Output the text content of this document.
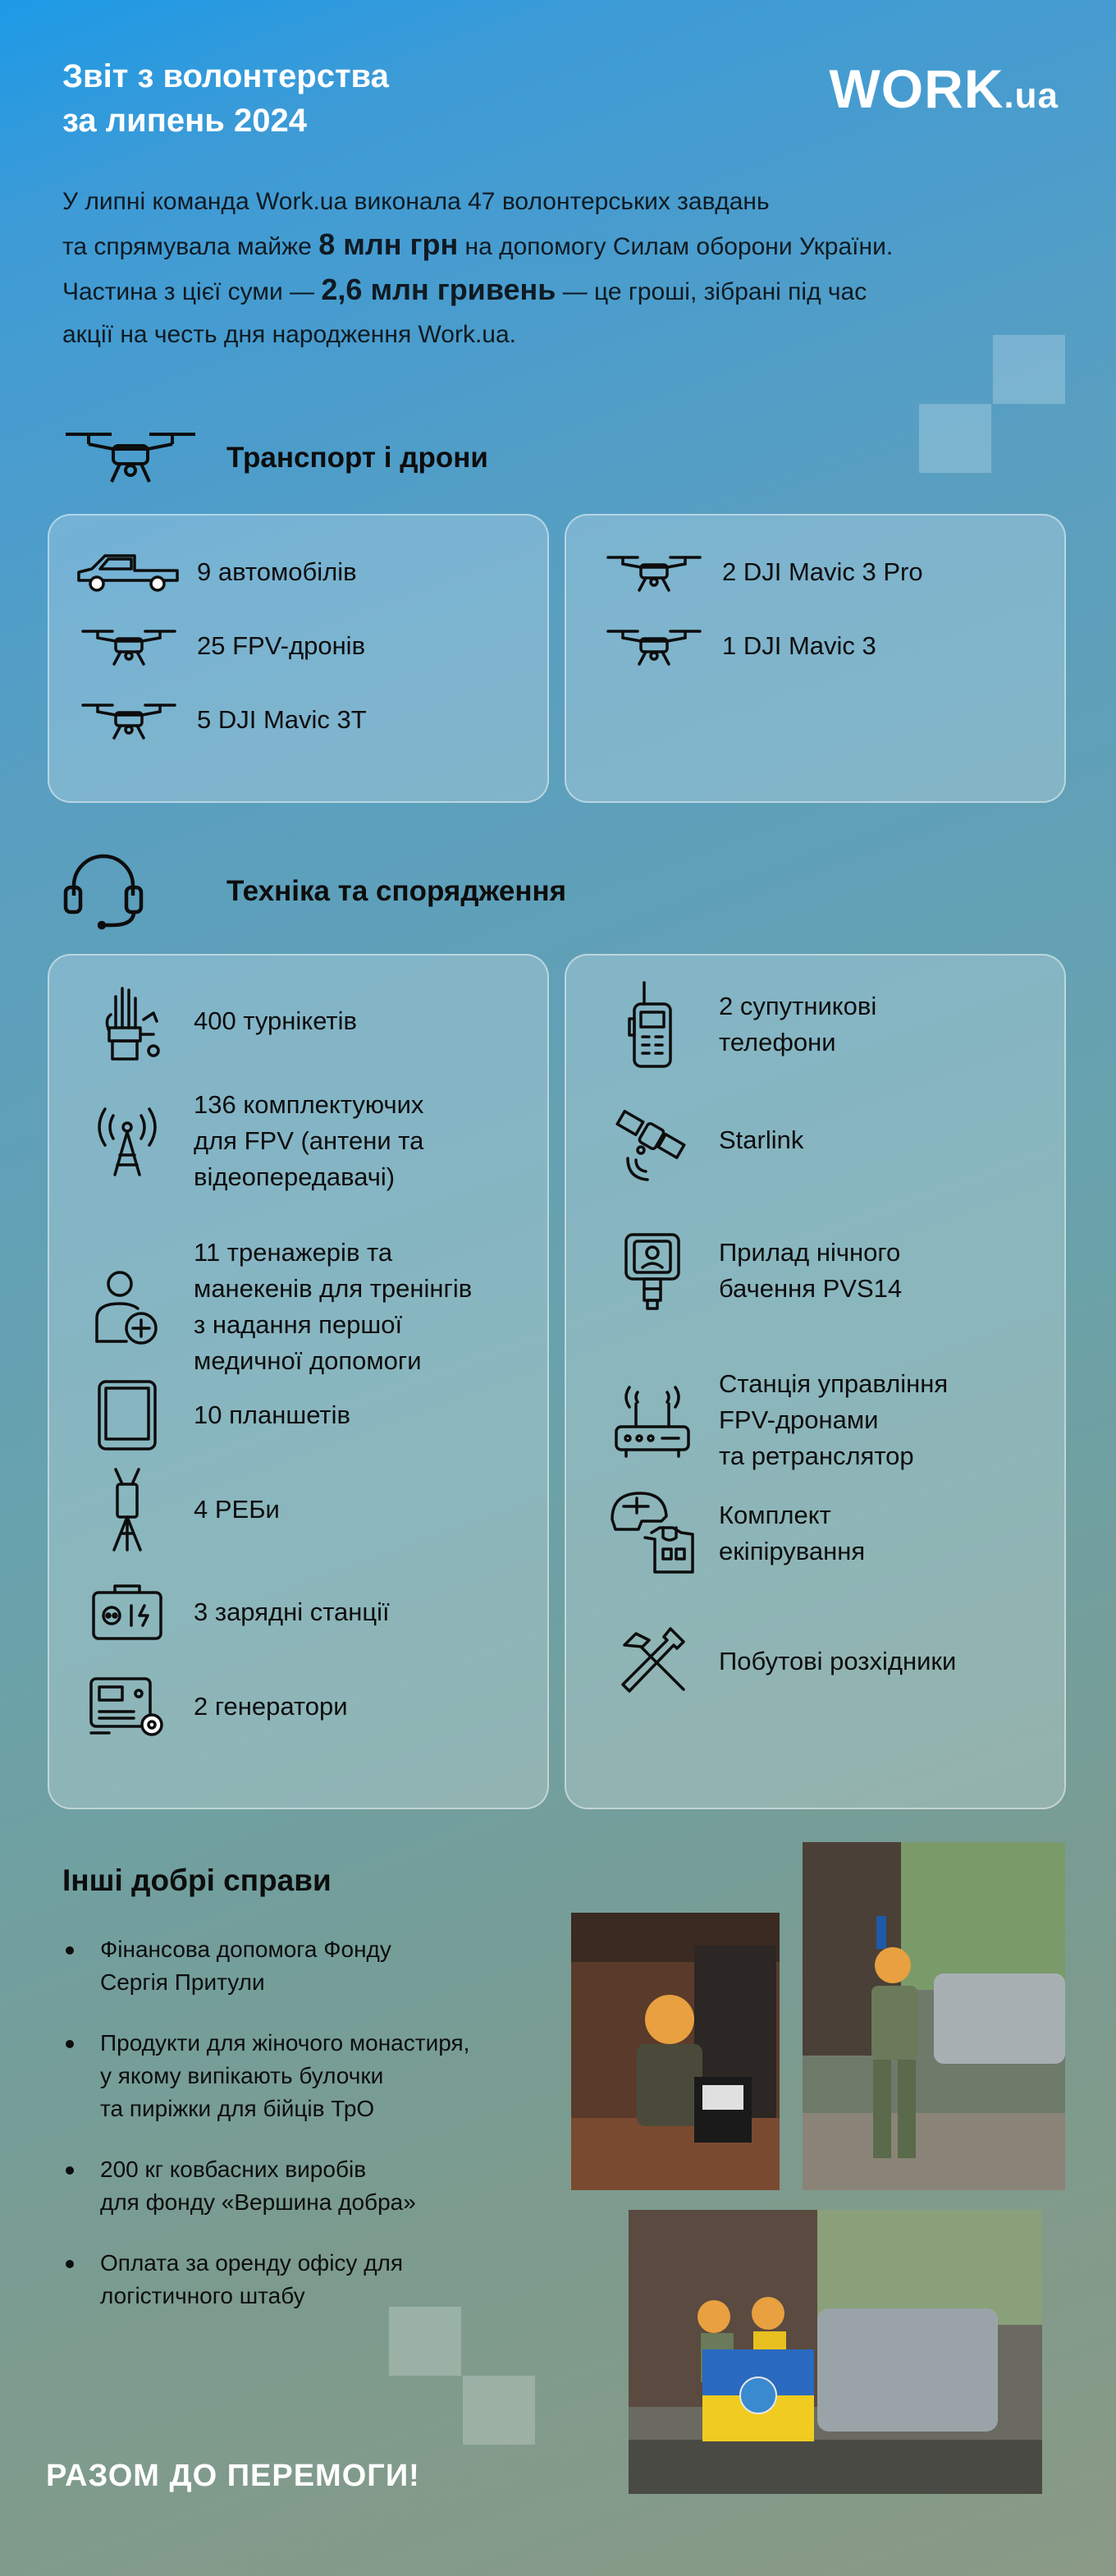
Звіт з волонтерства
за липень 2024
WORK .ua
У липні команда Work.ua виконала 47 волонтерських завдань
та спрямувала майже 8 млн грн на допомогу Силам оборони України.
Частина з цієї суми — 2,6 млн гривень — це гроші, зібрані під час
акції на честь дня народження Work.ua.
Транспорт і дрони
Техніка та спорядження
Інші добрі справи
Фінансова допомога Фонду
Сергія Притули
Продукти для жіночого монастиря,
у якому випікають булочки
та пиріжки для бійців ТрО
200 кг ковбасних виробів
для фонду «Вершина добра»
Оплата за оренду офісу для
логістичного штабу
РАЗОМ ДО ПЕРЕМОГИ!
9 автомобілів
25 FPV-дронів
5 DJI Mavic 3T
2 DJI Mavic 3 Pro
1 DJI Mavic 3
400 турнікетів
136 комплектуючих
для FPV (антени та
відеопередавачі)
11 тренажерів та
манекенів для тренінгів
з надання першої
медичної допомоги
10 планшетів
4 РЕБи
3 зарядні станції
2 генератори
2 супутникові
телефони
Starlink
Прилад нічного
бачення PVS14
Станція управління
FPV-дронами
та ретранслятор
Комплект
екіпірування
Побутові розхідники
